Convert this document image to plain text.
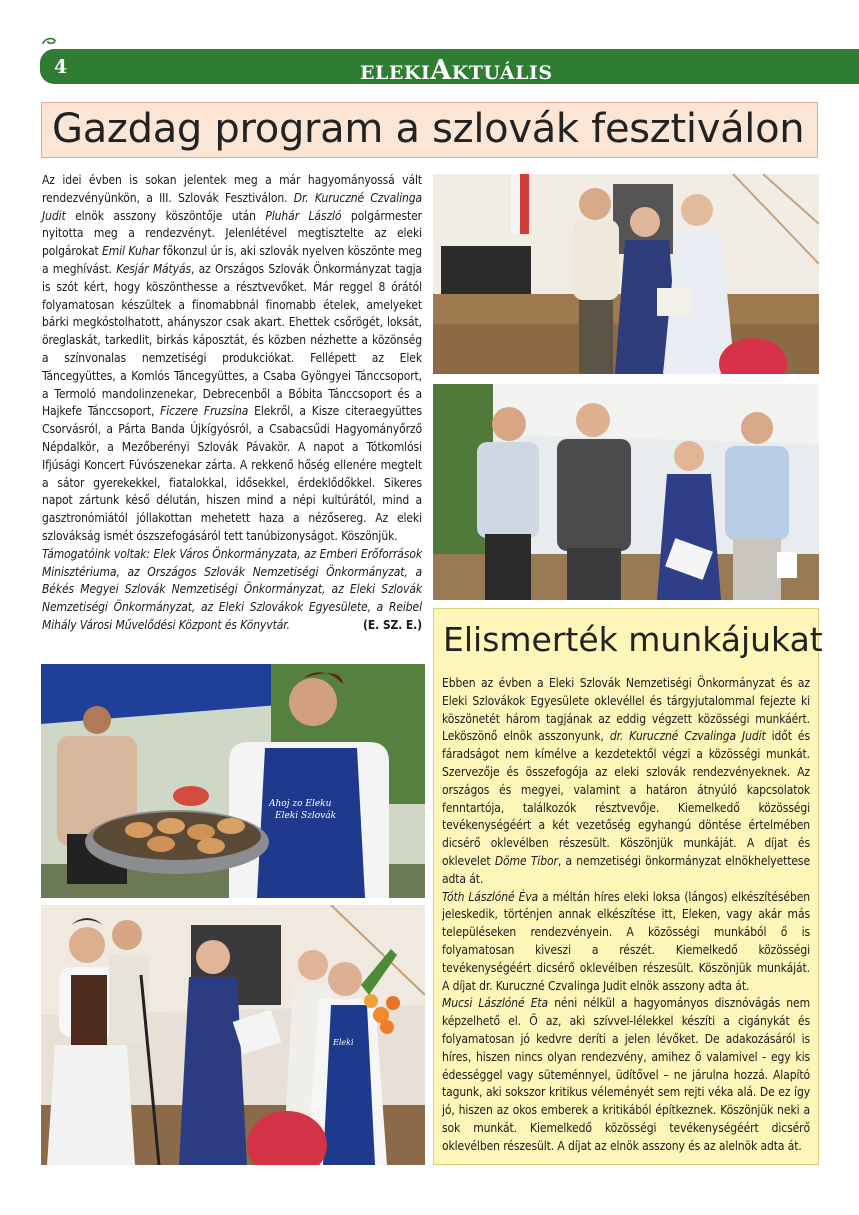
4	ELEKIAKTUÁLIS
Gazdag program a szlovák fesztiválon

Az idei évben is sokan jelentek meg a már hagyományossá vált rendezvényünkön, a III. Szlovák Fesztiválon. Dr. Kuruczné Czvalinga Judit elnök asszony köszöntője után Pluhár László polgármester nyitotta meg a rendezvényt. Jelenlétével megtisztelte az eleki polgárokat Emil Kuhar főkonzul úr is, aki szlovák nyelven köszönte meg a meghívást. Kesjár Mátyás, az Országos Szlovák Önkormányzat tagja is szót kért, hogy köszönthesse a résztvevőket. Már reggel 8 órától folyamatosan készültek a finomabbnál finomabb ételek, amelyeket bárki megkóstolhatott, ahányszor csak akart. Ehettek csőrögét, loksát, öreglaskát, tarkedlit, birkás káposztát, és közben nézhette a közönség a színvonalas nemzetiségi produkciókat. Fellépett az Elek Táncegyüttes, a Komlós Táncegyüttes, a Csaba Gyöngyei Tánccsoport, a Termoló mandolinzenekar, Debrecenből a Bóbita Tánccsoport és a Hajkefe Tánccsoport, Ficzere Fruzsina Elekről, a Kisze citeraegyüttes Csorvásról, a Párta Banda Újkígyósról, a Csabacsűdi Hagyományőrző Népdalkör, a Mezőberényi Szlovák Pávakör. A napot a Tótkomlósi Ifjúsági Koncert Fúvószenekar zárta. A rekkenő hőség ellenére megtelt a sátor gyerekekkel, fiatalokkal, idősekkel, érdeklődőkkel. Sikeres napot zártunk késő délután, hiszen mind a népi kultúrától, mind a gasztronómiától jóllakottan mehetett haza a nézősereg. Az eleki szlovákság ismét ószszefogásáról tett tanúbizonyságot. Köszönjük.

Támogatóink voltak: Elek Város Önkormányzata, az Emberi Erőforrások Minisztériuma, az Országos Szlovák Nemzetiségi Önkormányzat, a Békés Megyei Szlovák Nemzetiségi Önkormányzat, az Eleki Szlovák Nemzetiségi Önkormányzat, az Eleki Szlovákok Egyesülete, a Reibel Mihály Városi Művelődési Központ és Könyvtár.	(E. SZ. E.)

Ahoj zo Eleku
Eleki Szlovák
Eleki
Elismerték munkájukat

Ebben az évben a Eleki Szlovák Nemzetiségi Önkormányzat és az Eleki Szlovákok Egyesülete oklevéllel és tárgyjutalommal fejezte ki köszönetét három tagjának az eddig végzett közösségi munkáért. Leköszönő elnök asszonyunk, dr. Kuruczné Czvalinga Judit időt és fáradságot nem kímélve a kezdetektől végzi a közösségi munkát. Szervezője és összefogója az eleki szlovák rendezvényeknek. Az országos és megyei, valamint a határon átnyúló kapcsolatok fenntartója, találkozók résztvevője. Kiemelkedő közösségi tevékenységéért a két vezetőség egyhangú döntése értelmében dicsérő oklevélben részesült. Köszönjük munkáját. A díjat és oklevelet Döme Tibor, a nemzetiségi önkormányzat elnökhelyettese adta át.

Tóth Lászlóné Éva a méltán híres eleki loksa (lángos) elkészítésében jeleskedik, történjen annak elkészítése itt, Eleken, vagy akár más településeken rendezvényein. A közösségi munkából ő is folyamatosan kiveszi a részét. Kiemelkedő közösségi tevékenységéért dicsérő oklevélben részesült. Köszönjük munkáját. A díjat dr. Kuruczné Czvalinga Judit elnök asszony adta át.

Mucsi Lászlóné Eta néni nélkül a hagyományos disznóvágás nem képzelhető el. Ő az, aki szívvel-lélekkel készíti a cigánykát és folyamatosan jó kedvre deríti a jelen lévőket. De adakozásáról is híres, hiszen nincs olyan rendezvény, amihez ő valamivel - egy kis édességgel vagy süteménnyel, üdítővel – ne járulna hozzá. Alapító tagunk, aki sokszor kritikus véleményét sem rejti véka alá. De ez így jó, hiszen az okos emberek a kritikából építkeznek. Köszönjük neki a sok munkát. Kiemelkedő közösségi tevékenységéért dicsérő oklevélben részesült. A díjat az elnök asszony és az alelnök adta át.
